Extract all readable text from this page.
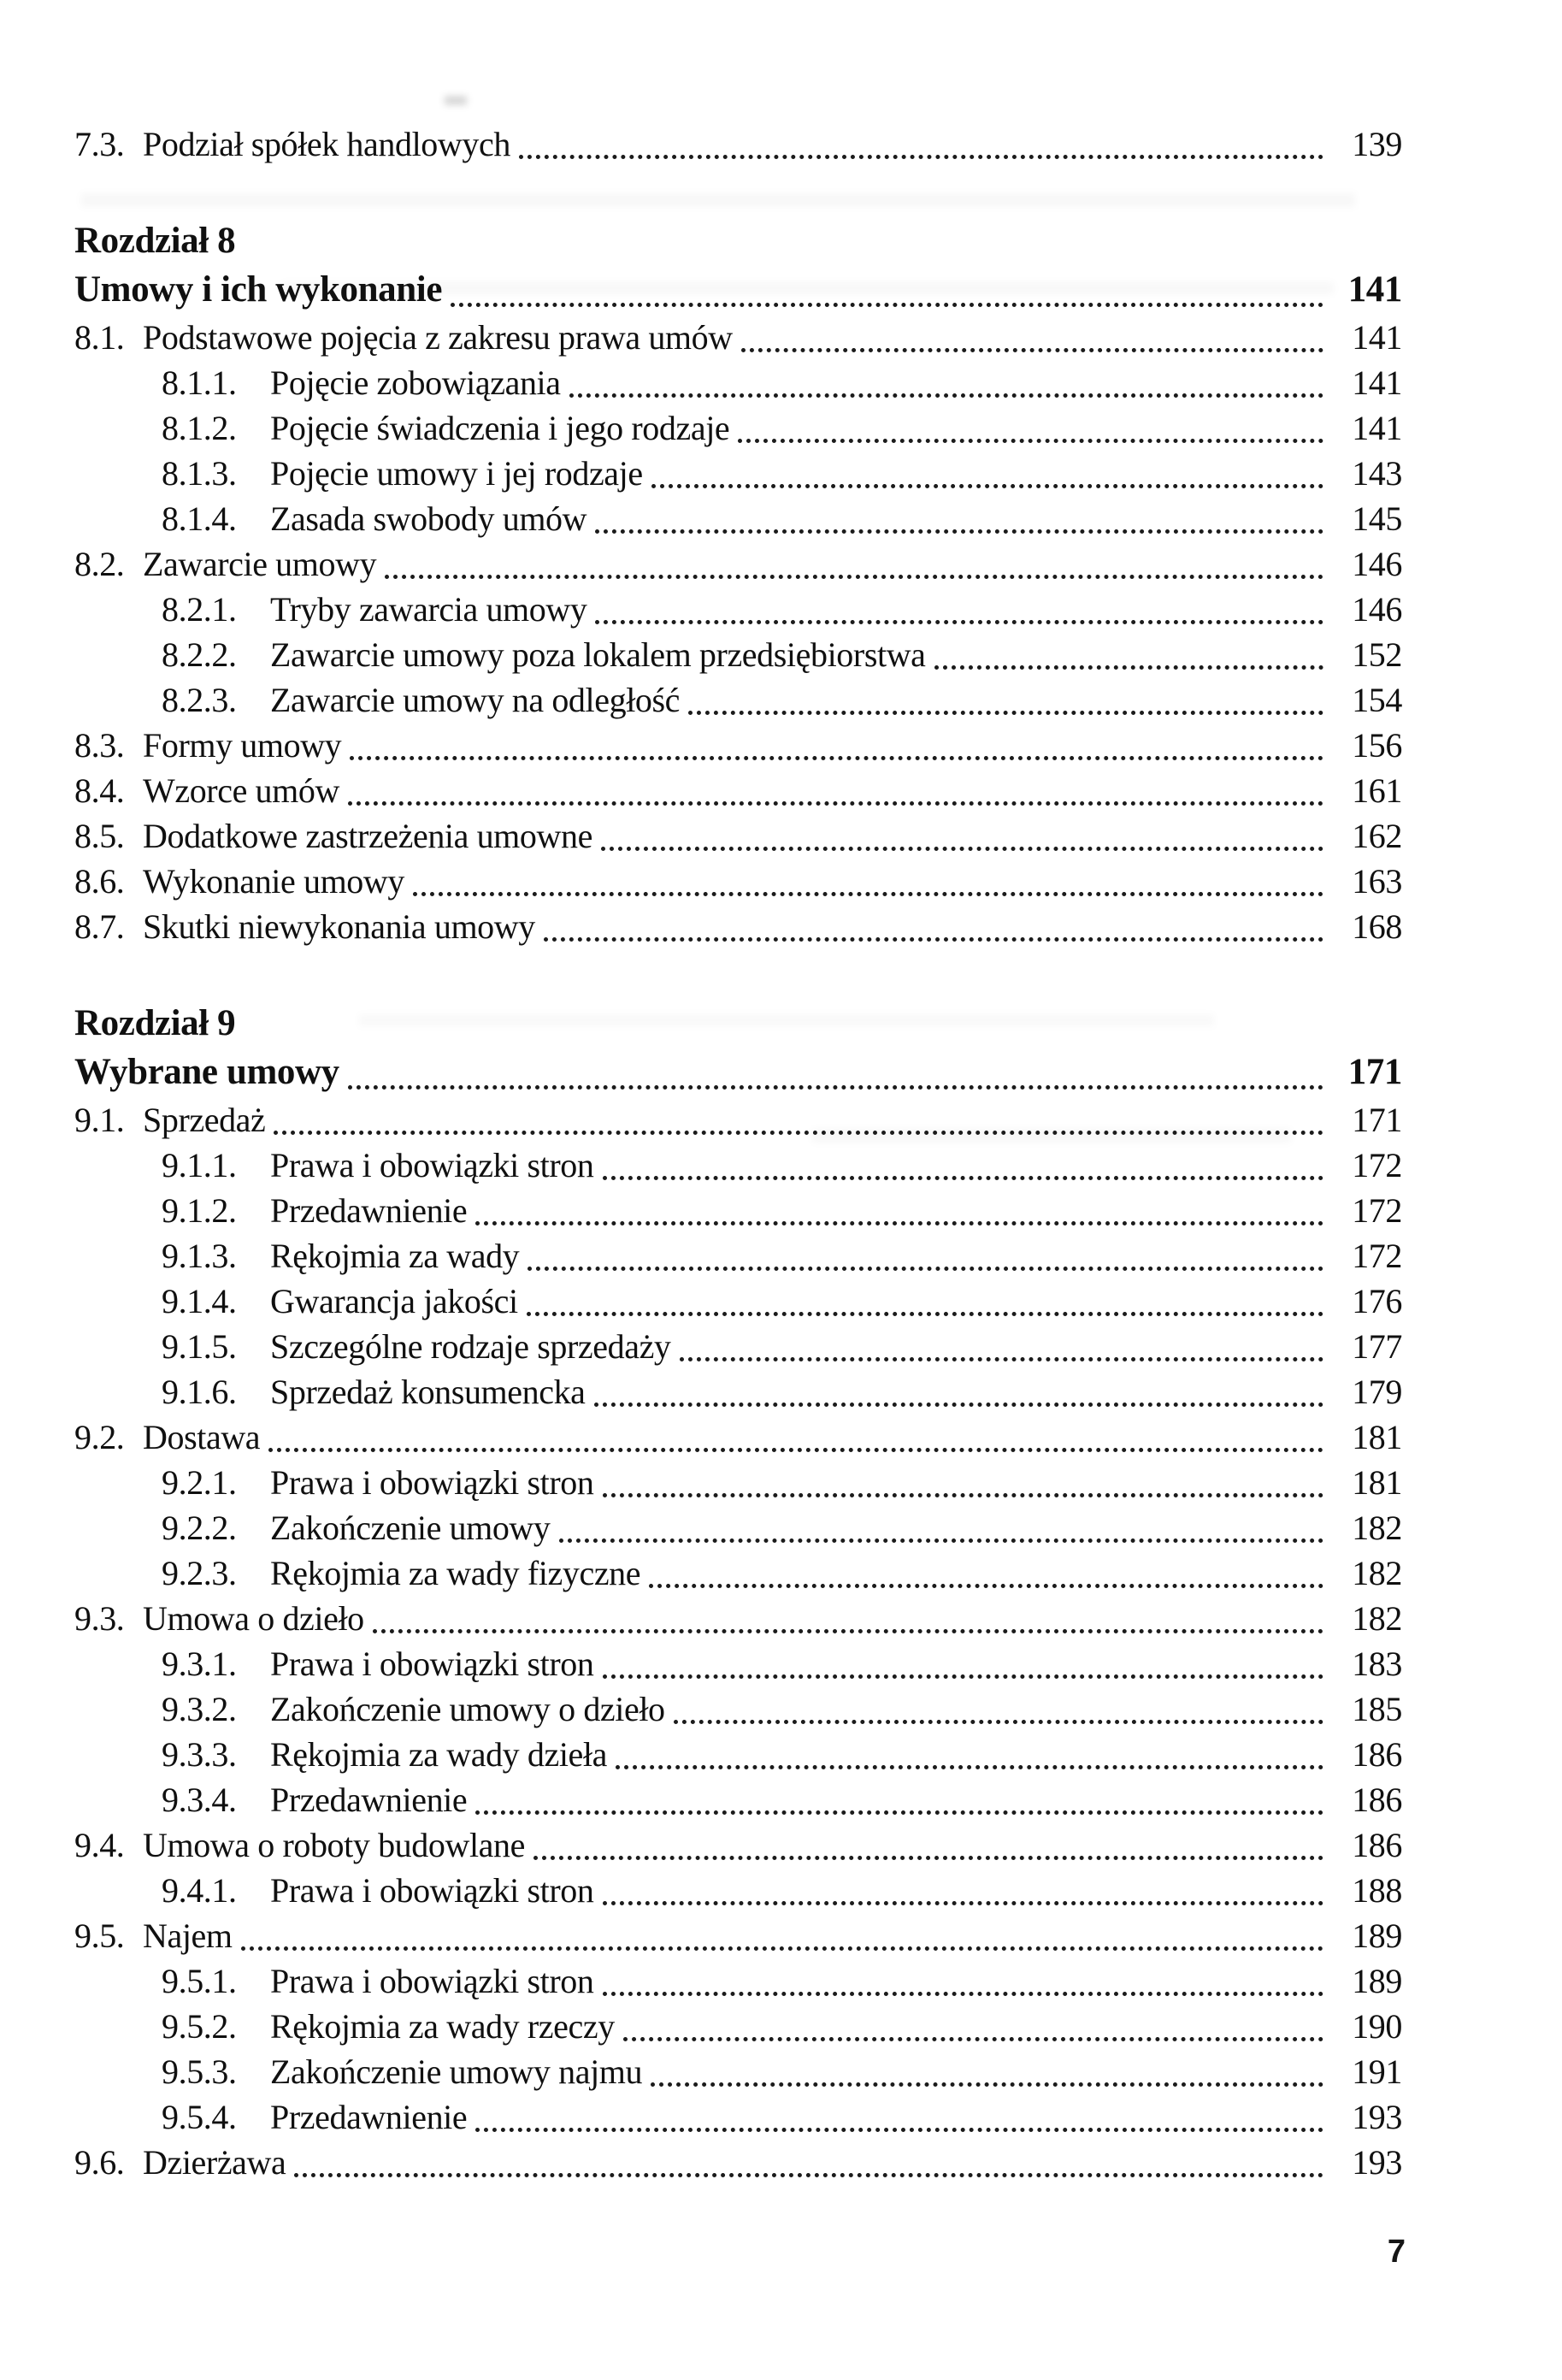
7.3. Podział spółek handlowych	139
Rozdział 8
Umowy i ich wykonanie	141
8.1. Podstawowe pojęcia z zakresu prawa umów	141
8.1.1. Pojęcie zobowiązania	141
8.1.2. Pojęcie świadczenia i jego rodzaje	141
8.1.3. Pojęcie umowy i jej rodzaje	143
8.1.4. Zasada swobody umów	145
8.2. Zawarcie umowy	146
8.2.1. Tryby zawarcia umowy	146
8.2.2. Zawarcie umowy poza lokalem przedsiębiorstwa	152
8.2.3. Zawarcie umowy na odległość	154
8.3. Formy umowy	156
8.4. Wzorce umów	161
8.5. Dodatkowe zastrzeżenia umowne	162
8.6. Wykonanie umowy	163
8.7. Skutki niewykonania umowy	168
Rozdział 9
Wybrane umowy	171
9.1. Sprzedaż	171
9.1.1. Prawa i obowiązki stron	172
9.1.2. Przedawnienie	172
9.1.3. Rękojmia za wady	172
9.1.4. Gwarancja jakości	176
9.1.5. Szczególne rodzaje sprzedaży	177
9.1.6. Sprzedaż konsumencka	179
9.2. Dostawa	181
9.2.1. Prawa i obowiązki stron	181
9.2.2. Zakończenie umowy	182
9.2.3. Rękojmia za wady fizyczne	182
9.3. Umowa o dzieło	182
9.3.1. Prawa i obowiązki stron	183
9.3.2. Zakończenie umowy o dzieło	185
9.3.3. Rękojmia za wady dzieła	186
9.3.4. Przedawnienie	186
9.4. Umowa o roboty budowlane	186
9.4.1. Prawa i obowiązki stron	188
9.5. Najem	189
9.5.1. Prawa i obowiązki stron	189
9.5.2. Rękojmia za wady rzeczy	190
9.5.3. Zakończenie umowy najmu	191
9.5.4. Przedawnienie	193
9.6. Dzierżawa	193
7
